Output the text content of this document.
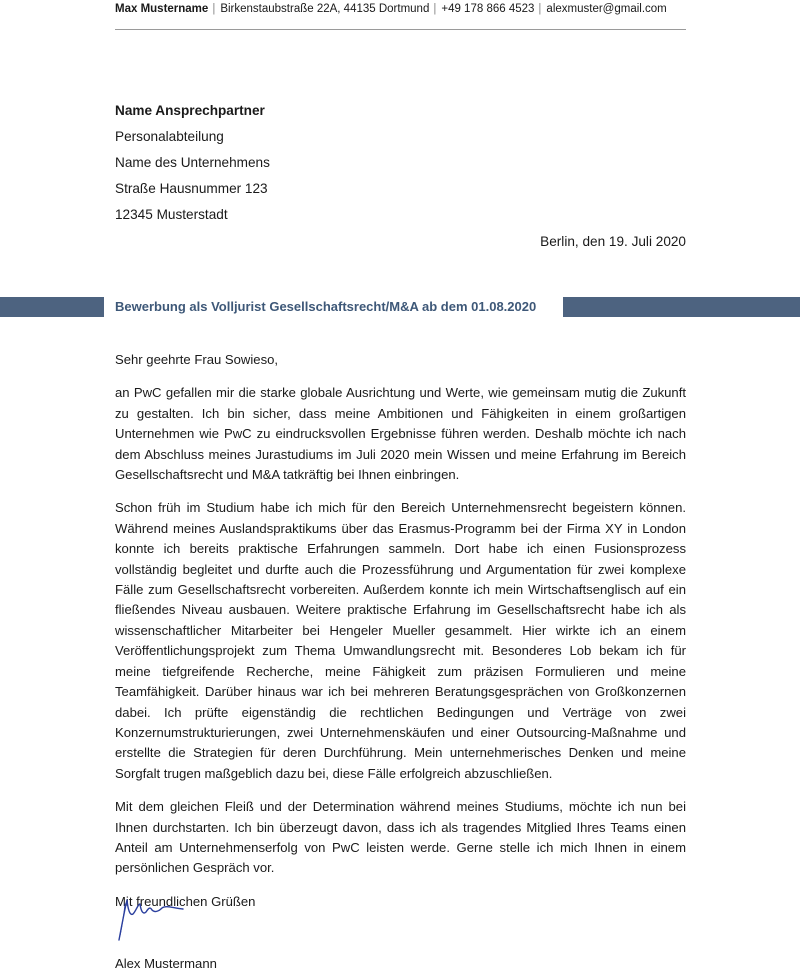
Max Mustername | Birkenstaubstraße 22A, 44135 Dortmund | +49 178 866 4523 | alexmuster@gmail.com
Name Ansprechpartner
Personalabteilung
Name des Unternehmens
Straße Hausnummer 123
12345 Musterstadt
Berlin, den 19. Juli 2020
Bewerbung als Volljurist Gesellschaftsrecht/M&A ab dem 01.08.2020

Sehr geehrte Frau Sowieso,

an PwC gefallen mir die starke globale Ausrichtung und Werte, wie gemeinsam mutig die Zukunft zu gestalten. Ich bin sicher, dass meine Ambitionen und Fähigkeiten in einem großartigen Unternehmen wie PwC zu eindrucksvollen Ergebnisse führen werden. Deshalb möchte ich nach dem Abschluss meines Jurastudiums im Juli 2020 mein Wissen und meine Erfahrung im Bereich Gesellschaftsrecht und M&A tatkräftig bei Ihnen einbringen.

Schon früh im Studium habe ich mich für den Bereich Unternehmensrecht begeistern können. Während meines Auslandspraktikums über das Erasmus-Programm bei der Firma XY in London konnte ich bereits praktische Erfahrungen sammeln. Dort habe ich einen Fusionsprozess vollständig begleitet und durfte auch die Prozessführung und Argumentation für zwei komplexe Fälle zum Gesellschaftsrecht vorbereiten. Außerdem konnte ich mein Wirtschaftsenglisch auf ein fließendes Niveau ausbauen. Weitere praktische Erfahrung im Gesellschaftsrecht habe ich als wissenschaftlicher Mitarbeiter bei Hengeler Mueller gesammelt. Hier wirkte ich an einem Veröffentlichungsprojekt zum Thema Umwandlungsrecht mit. Besonderes Lob bekam ich für meine tiefgreifende Recherche, meine Fähigkeit zum präzisen Formulieren und meine Teamfähigkeit. Darüber hinaus war ich bei mehreren Beratungsgesprächen von Großkonzernen dabei. Ich prüfte eigenständig die rechtlichen Bedingungen und Verträge von zwei Konzernumstrukturierungen, zwei Unternehmenskäufen und einer Outsourcing-Maßnahme und erstellte die Strategien für deren Durchführung. Mein unternehmerisches Denken und meine Sorgfalt trugen maßgeblich dazu bei, diese Fälle erfolgreich abzuschließen.

Mit dem gleichen Fleiß und der Determination während meines Studiums, möchte ich nun bei Ihnen durchstarten. Ich bin überzeugt davon, dass ich als tragendes Mitglied Ihres Teams einen Anteil am Unternehmenserfolg von PwC leisten werde. Gerne stelle ich mich Ihnen in einem persönlichen Gespräch vor.

Mit freundlichen Grüßen

Alex Mustermann
